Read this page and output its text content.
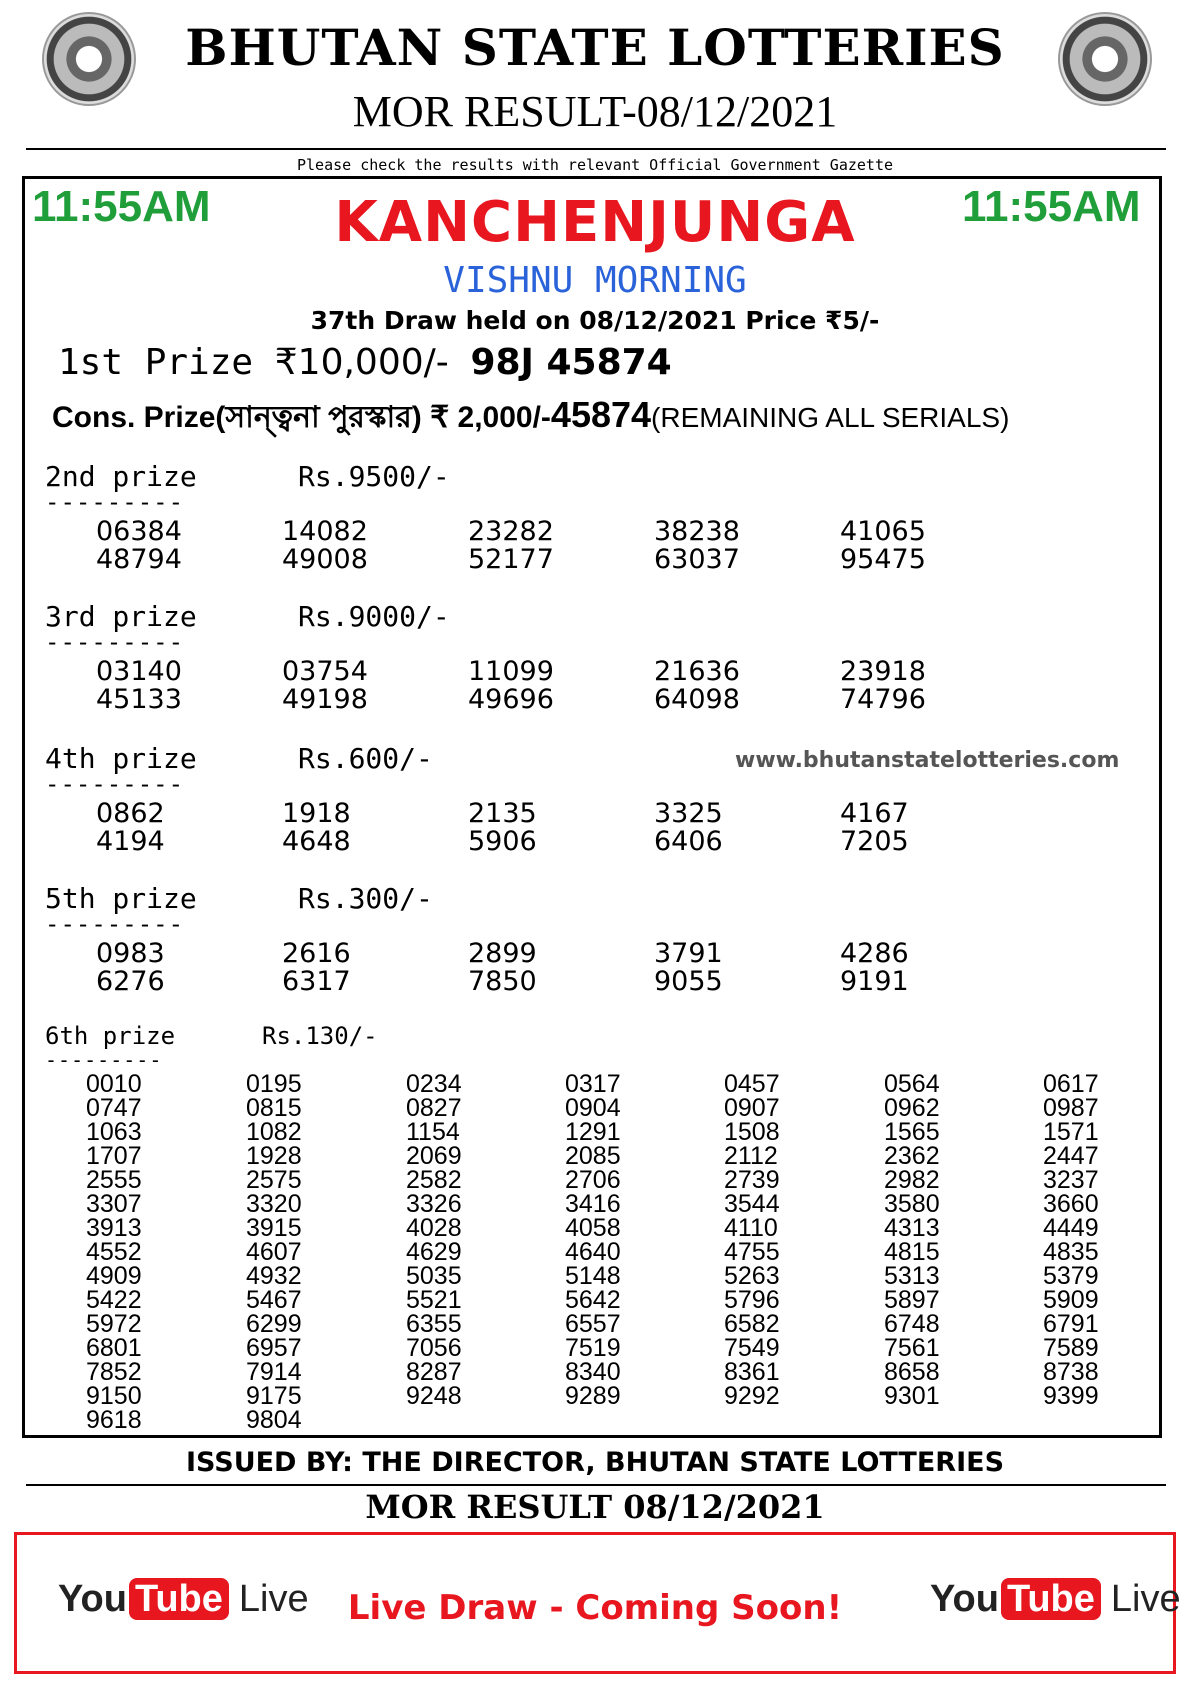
BHUTAN STATE LOTTERIES
MOR RESULT-08/12/2021
Please check the results with relevant Official Government Gazette
11:55AM	11:55AM
KANCHENJUNGA
VISHNU MORNING
37th Draw held on 08/12/2021 Price ₹5/-
1st Prize ₹10,000/- 98J 45874
Cons. Prize(সান্ত্বনা পুরস্কার) ₹ 2,000/-45874(REMAINING ALL SERIALS)
2nd prize	Rs.9500/-
---------
06384	14082	23282	38238	41065
48794	49008	52177	63037	95475
3rd prize	Rs.9000/-
---------
03140	03754	11099	21636	23918
45133	49198	49696	64098	74796
4th prize	Rs.600/-
---------
0862	1918	2135	3325	4167
4194	4648	5906	6406	7205
5th prize	Rs.300/-
---------
0983	2616	2899	3791	4286
6276	6317	7850	9055	9191
www.bhutanstatelotteries.com
6th prize	Rs.130/-
---------
0010	0195	0234	0317	0457	0564	0617
0747	0815	0827	0904	0907	0962	0987
1063	1082	1154	1291	1508	1565	1571
1707	1928	2069	2085	2112	2362	2447
2555	2575	2582	2706	2739	2982	3237
3307	3320	3326	3416	3544	3580	3660
3913	3915	4028	4058	4110	4313	4449
4552	4607	4629	4640	4755	4815	4835
4909	4932	5035	5148	5263	5313	5379
5422	5467	5521	5642	5796	5897	5909
5972	6299	6355	6557	6582	6748	6791
6801	6957	7056	7519	7549	7561	7589
7852	7914	8287	8340	8361	8658	8738
9150	9175	9248	9289	9292	9301	9399
9618	9804
ISSUED BY: THE DIRECTOR, BHUTAN STATE LOTTERIES
MOR RESULT 08/12/2021
You Tube Live	Live Draw - Coming Soon!	You Tube Live
